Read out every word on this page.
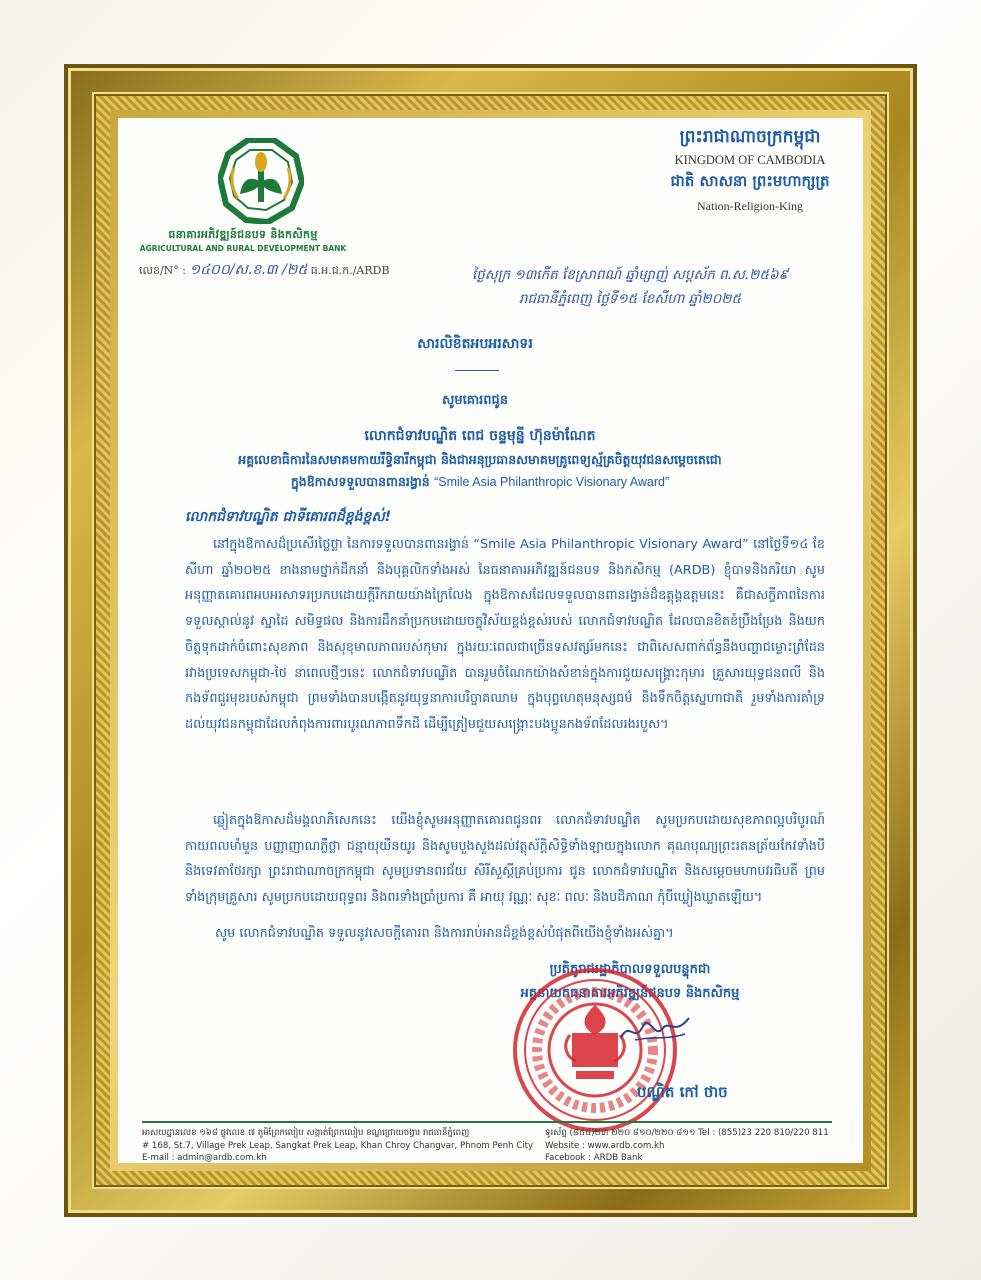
ធនាគារអភិវឌ្ឍន៍ជនបទ និងកសិកម្ម
AGRICULTURAL AND RURAL DEVELOPMENT BANK
លេខ/N° : ១៤០០/ស.ខ.៣ /២៥ ធ.អ.ជ.ក./ARDB
ព្រះរាជាណាចក្រកម្ពុជា
KINGDOM OF CAMBODIA
ជាតិ សាសនា ព្រះមហាក្សត្រ
Nation-Religion-King
ថ្ងៃសុក្រ ១៣កើត ខែស្រាពណ៍ ឆ្នាំម្សាញ់ សប្តស័ក ព.ស.២៥៦៩
រាជធានីភ្នំពេញ ថ្ងៃទី១៥ ខែសីហា ឆ្នាំ២០២៥
សារលិខិតអបអរសាទរ
សូមគោរពជូន
លោកជំទាវបណ្ឌិត ពេជ ចន្ទមុន្នី ហ៊ុនម៉ាណែត
អគ្គលេខាធិការនៃសមាគមកាយរឹទ្ធិនារីកម្ពុជា និងជាអនុប្រធានសមាគមគ្រូពេទ្យស្ម័គ្រចិត្តយុវជនសម្តេចតេជោ
ក្នុងឱកាសទទួលបានពានរង្វាន់ “Smile Asia Philanthropic Visionary Award”
លោកជំទាវបណ្ឌិត ជាទីគោរពដ៏ខ្ពង់ខ្ពស់!

នៅក្នុងឱកាសដ៏ប្រសើរថ្លៃថ្លា នៃការទទួលបានពានរង្វាន់ “Smile Asia Philanthropic Visionary Award” នៅថ្ងៃទី១៤ ខែសីហា ឆ្នាំ២០២៥ ខាងនាមថ្នាក់ដឹកនាំ និងបុគ្គលិកទាំងអស់ នៃធនាគារអភិវឌ្ឍន៍ជនបទ និងកសិកម្ម (ARDB) ខ្ញុំបាទនិងភរិយា សូមអនុញ្ញាតគោរពអបអរសាទរប្រកបដោយក្តីរីករាយយ៉ាងក្រៃលែង ក្នុងឱកាសដែលទទួលបានពានរង្វាន់ដ៏ឧត្តុង្គឧត្តមនេះ គឺជាសក្ខីភាពនៃការទទួលស្គាល់នូវ ស្នាដៃ សមិទ្ធផល និងការដឹកនាំប្រកបដោយចក្ខុវិស័យខ្ពង់ខ្ពស់របស់ លោកជំទាវបណ្ឌិត ដែលបានខិតខំប្រឹងប្រែង និងយកចិត្តទុកដាក់ចំពោះសុខភាព និងសុខុមាលភាពរបស់កុមារ ក្នុងរយៈពេលជាច្រើនទសវត្សរ៍មកនេះ ជាពិសេសពាក់ព័ន្ធនឹងបញ្ហាជម្លោះព្រំដែនរវាងប្រទេសកម្ពុជា-ថៃ នាពេលថ្មីៗនេះ លោកជំទាវបណ្ឌិត បានរួមចំណែកយ៉ាងសំខាន់ក្នុងការជួយសង្គ្រោះកុមារ គ្រួសារយុទ្ធជនពលី និងកងទ័ពជួរមុខរបស់កម្ពុជា ព្រមទាំងបានបង្កើតនូវយុទ្ធនាការបរិច្ចាគឈាម ក្នុងបុព្វហេតុមនុស្សធម៌ និងទឹកចិត្តស្នេហាជាតិ រួមទាំងការគាំទ្រដល់យុវជនកម្ពុជាដែលកំពុងការពារបូរណភាពទឹកដី ដើម្បីត្រៀមជួយសង្គ្រោះបងប្អូនកងទ័ពដែលរងរបួស។

ឆ្លៀតក្នុងឱកាសដ៏មង្គលាភិសេកនេះ យើងខ្ញុំសូមអនុញ្ញាតគោរពជូនពរ លោកជំទាវបណ្ឌិត សូមប្រកបដោយសុខភាពល្អបរិបូរណ៍ កាយពលមាំមួន បញ្ញាញាណភ្លឺថ្លា ជន្មាយុយឺនយូរ និងសូមបួងសួងដល់វត្ថុស័ក្តិសិទ្ធិទាំងឡាយក្នុងលោក គុណបុណ្យព្រះរតនត្រ័យកែវទាំងបី និងទេវតាថែរក្សា ព្រះរាជាណាចក្រកម្ពុជា សូមប្រទានពរជ័យ សិរីសួស្តីគ្រប់ប្រការ ជូន លោកជំទាវបណ្ឌិត និងសម្តេចមហាបវរធិបតី ព្រមទាំងក្រុមគ្រួសារ សូមប្រកបដោយពុទ្ធពរ និងពរទាំងប្រាំប្រការ គឺ អាយុ វណ្ណៈ សុខៈ ពលៈ និងបដិភាណ កុំបីឃ្លៀងឃ្លាតឡើយ។

សូម លោកជំទាវបណ្ឌិត ទទួលនូវសេចក្តីគោរព និងការរាប់អានដ៏ខ្ពង់ខ្ពស់បំផុតពីយើងខ្ញុំទាំងអស់គ្នា។

ប្រតិភូរាជរដ្ឋាភិបាលទទួលបន្ទុកជា
អគ្គនាយកធនាគារអភិវឌ្ឍន៍ជនបទ និងកសិកម្ម
បណ្ឌិត កៅ ថាច
អាសយដ្ឋានលេខ ១៦៨ ផ្លូវលេខ ៧ ភូមិព្រែកលៀប សង្កាត់ព្រែកលៀប ខណ្ឌជ្រោយចង្វារ រាជធានីភ្នំពេញ
# 168, St.7, Village Prek Leap, Sangkat Prek Leap, Khan Chroy Changvar, Phnom Penh City
E-mail : admin@ardb.com.kh
ទូរស័ព្ទ (៨៥៥)២៣ ២២០ ៨១០/២២០ ៨១១ Tel : (855)23 220 810/220 811
Website : www.ardb.com.kh
Facebook : ARDB Bank
